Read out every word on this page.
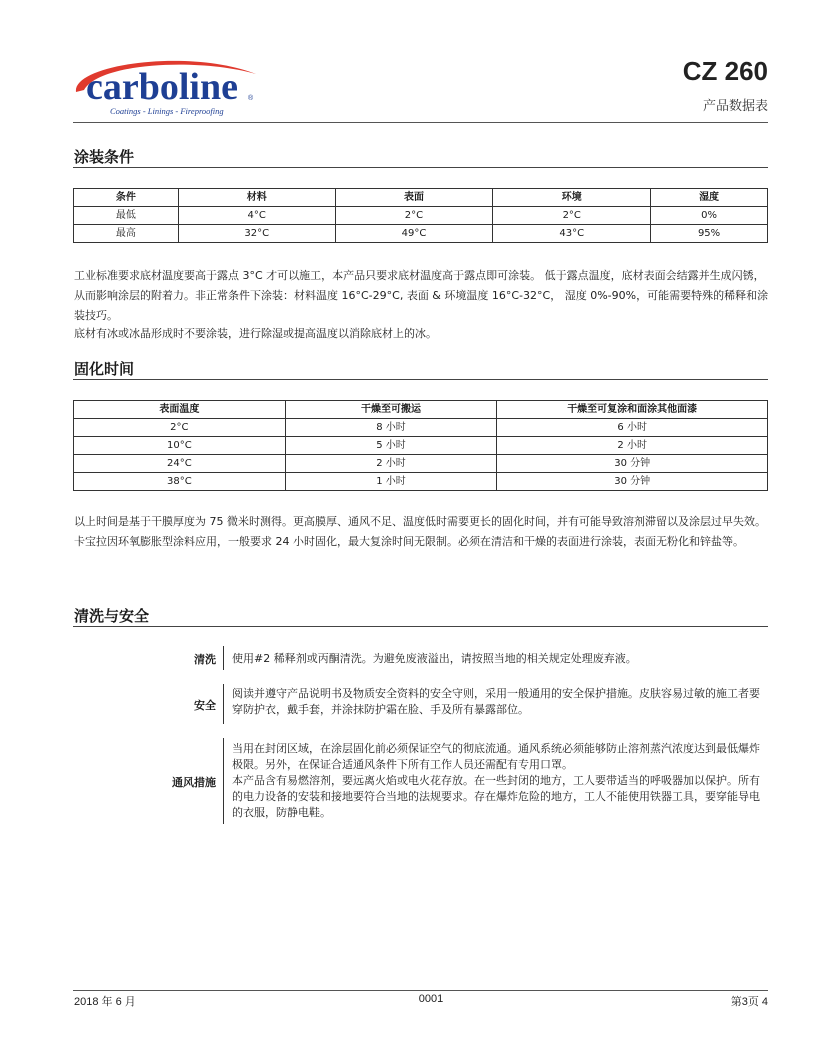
carboline ®
Coatings - Linings - Fireproofing
CZ 260
产品数据表
涂装条件
条件	材料	表面	环境	湿度
最低	4°C	2°C	2°C	0%
最高	32°C	49°C	43°C	95%

工业标准要求底材温度要高于露点 3°C 才可以施工，本产品只要求底材温度高于露点即可涂装。 低于露点温度，底材表面会结露并生成闪锈，从而影响涂层的附着力。非正常条件下涂装：材料温度 16°C-29°C, 表面 & 环境温度 16°C-32°C， 湿度 0%-90%，可能需要特殊的稀释和涂装技巧。

底材有冰或冰晶形成时不要涂装，进行除湿或提高温度以消除底材上的冰。

固化时间
表面温度	干燥至可搬运	干燥至可复涂和面涂其他面漆
2°C	8 小时	6 小时
10°C	5 小时	2 小时
24°C	2 小时	30 分钟
38°C	1 小时	30 分钟

以上时间是基于干膜厚度为 75 微米时测得。更高膜厚、通风不足、温度低时需要更长的固化时间，并有可能导致溶剂滞留以及涂层过早失效。

卡宝拉因环氧膨胀型涂料应用，一般要求 24 小时固化，最大复涂时间无限制。必须在清洁和干燥的表面进行涂装，表面无粉化和锌盐等。

清洗与安全
清洗 使用#2 稀释剂或丙酮清洗。为避免废液溢出，请按照当地的相关规定处理废弃液。

安全

阅读并遵守产品说明书及物质安全资料的安全守则，采用一般通用的安全保护措施。皮肤容易过敏的施工者要穿防护衣，戴手套，并涂抹防护霜在脸、手及所有暴露部位。

通风措施

当用在封闭区域，在涂层固化前必须保证空气的彻底流通。通风系统必须能够防止溶剂蒸汽浓度达到最低爆炸极限。另外，在保证合适通风条件下所有工作人员还需配有专用口罩。

本产品含有易燃溶剂，要远离火焰或电火花存放。在一些封闭的地方，工人要带适当的呼吸器加以保护。所有的电力设备的安装和接地要符合当地的法规要求。存在爆炸危险的地方，工人不能使用铁器工具，要穿能导电的衣服，防静电鞋。

2018 年 6 月	0001	第3页 4
